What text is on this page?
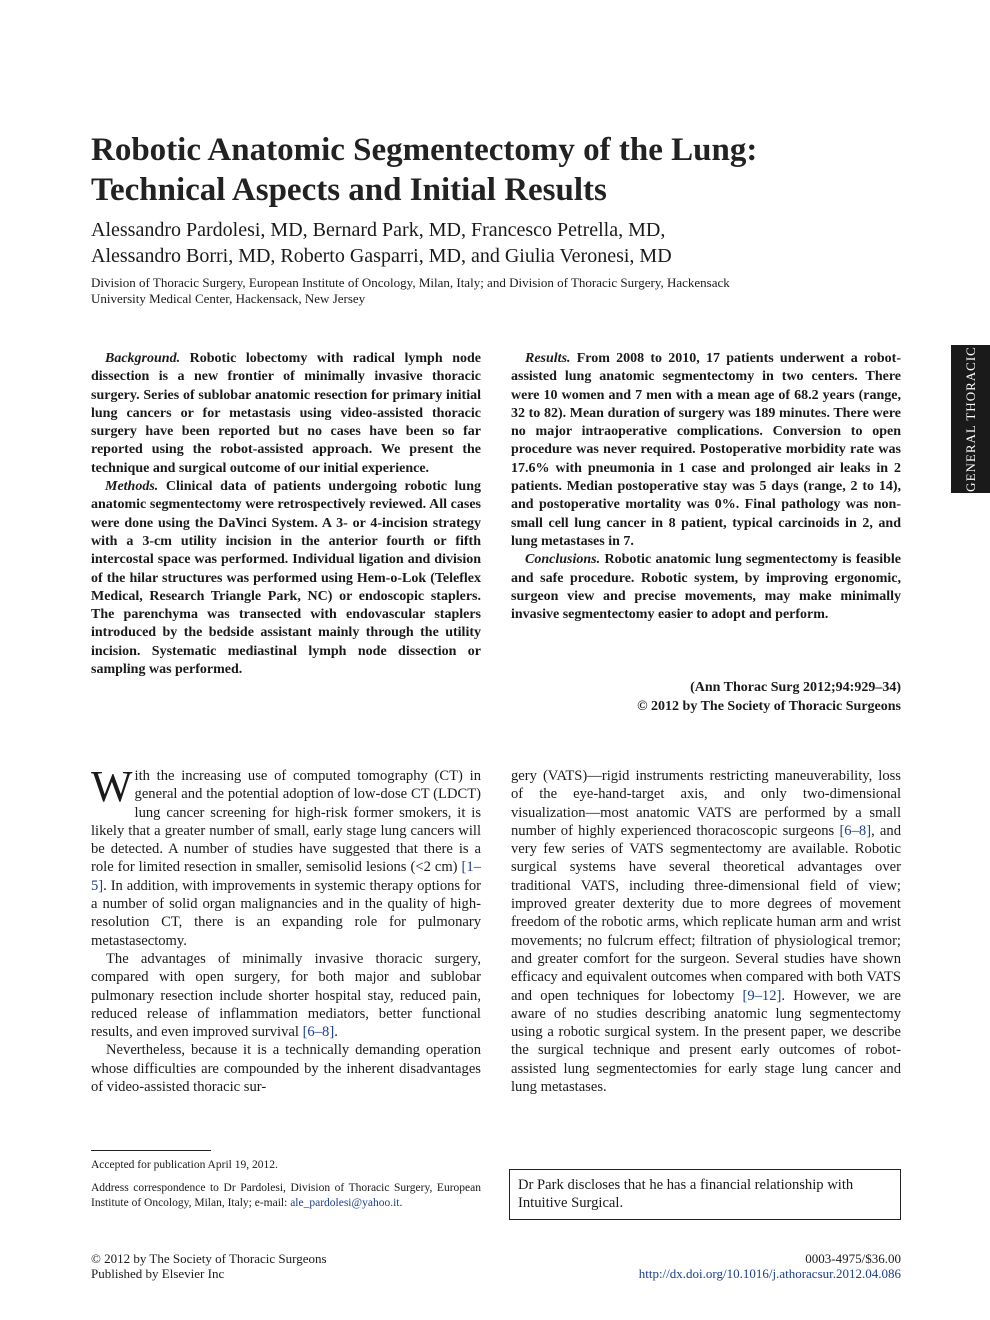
Robotic Anatomic Segmentectomy of the Lung:
Technical Aspects and Initial Results
Alessandro Pardolesi, MD, Bernard Park, MD, Francesco Petrella, MD,
Alessandro Borri, MD, Roberto Gasparri, MD, and Giulia Veronesi, MD
Division of Thoracic Surgery, European Institute of Oncology, Milan, Italy; and Division of Thoracic Surgery, Hackensack
University Medical Center, Hackensack, New Jersey
GENERAL THORACIC

Background. Robotic lobectomy with radical lymph node dissection is a new frontier of minimally invasive thoracic surgery. Series of sublobar anatomic resection for primary initial lung cancers or for metastasis using video-assisted thoracic surgery have been reported but no cases have been so far reported using the robot-assisted approach. We present the technique and surgical outcome of our initial experience.

Methods. Clinical data of patients undergoing robotic lung anatomic segmentectomy were retrospectively reviewed. All cases were done using the DaVinci System. A 3- or 4-incision strategy with a 3-cm utility incision in the anterior fourth or fifth intercostal space was performed. Individual ligation and division of the hilar structures was performed using Hem-o-Lok (Teleflex Medical, Research Triangle Park, NC) or endoscopic staplers. The parenchyma was transected with endovascular staplers introduced by the bedside assistant mainly through the utility incision. Systematic mediastinal lymph node dissection or sampling was performed.

Results. From 2008 to 2010, 17 patients underwent a robot-assisted lung anatomic segmentectomy in two centers. There were 10 women and 7 men with a mean age of 68.2 years (range, 32 to 82). Mean duration of surgery was 189 minutes. There were no major intraoperative complications. Conversion to open procedure was never required. Postoperative morbidity rate was 17.6% with pneumonia in 1 case and prolonged air leaks in 2 patients. Median postoperative stay was 5 days (range, 2 to 14), and postoperative mortality was 0%. Final pathology was non-small cell lung cancer in 8 patient, typical carcinoids in 2, and lung metastases in 7.

Conclusions. Robotic anatomic lung segmentectomy is feasible and safe procedure. Robotic system, by improving ergonomic, surgeon view and precise movements, may make minimally invasive segmentectomy easier to adopt and perform.

(Ann Thorac Surg 2012;94:929–34)
© 2012 by The Society of Thoracic Surgeons

With the increasing use of computed tomography (CT) in general and the potential adoption of low-dose CT (LDCT) lung cancer screening for high-risk former smokers, it is likely that a greater number of small, early stage lung cancers will be detected. A number of studies have suggested that there is a role for limited resection in smaller, semisolid lesions (<2 cm) [1–5]. In addition, with improvements in systemic therapy options for a number of solid organ malignancies and in the quality of high-resolution CT, there is an expanding role for pulmonary metastasectomy.

The advantages of minimally invasive thoracic surgery, compared with open surgery, for both major and sublobar pulmonary resection include shorter hospital stay, reduced pain, reduced release of inflammation mediators, better functional results, and even improved survival [6–8].

Nevertheless, because it is a technically demanding operation whose difficulties are compounded by the inherent disadvantages of video-assisted thoracic sur-

gery (VATS)—rigid instruments restricting maneuverability, loss of the eye-hand-target axis, and only two-dimensional visualization—most anatomic VATS are performed by a small number of highly experienced thoracoscopic surgeons [6–8], and very few series of VATS segmentectomy are available. Robotic surgical systems have several theoretical advantages over traditional VATS, including three-dimensional field of view; improved greater dexterity due to more degrees of movement freedom of the robotic arms, which replicate human arm and wrist movements; no fulcrum effect; filtration of physiological tremor; and greater comfort for the surgeon. Several studies have shown efficacy and equivalent outcomes when compared with both VATS and open techniques for lobectomy [9–12]. However, we are aware of no studies describing anatomic lung segmentectomy using a robotic surgical system. In the present paper, we describe the surgical technique and present early outcomes of robot-assisted lung segmentectomies for early stage lung cancer and lung metastases.

Accepted for publication April 19, 2012.

Address correspondence to Dr Pardolesi, Division of Thoracic Surgery, European Institute of Oncology, Milan, Italy; e-mail: ale_pardolesi@yahoo.it.

Dr Park discloses that he has a financial relationship with Intuitive Surgical.
© 2012 by The Society of Thoracic Surgeons
Published by Elsevier Inc
0003-4975/$36.00
http://dx.doi.org/10.1016/j.athoracsur.2012.04.086
